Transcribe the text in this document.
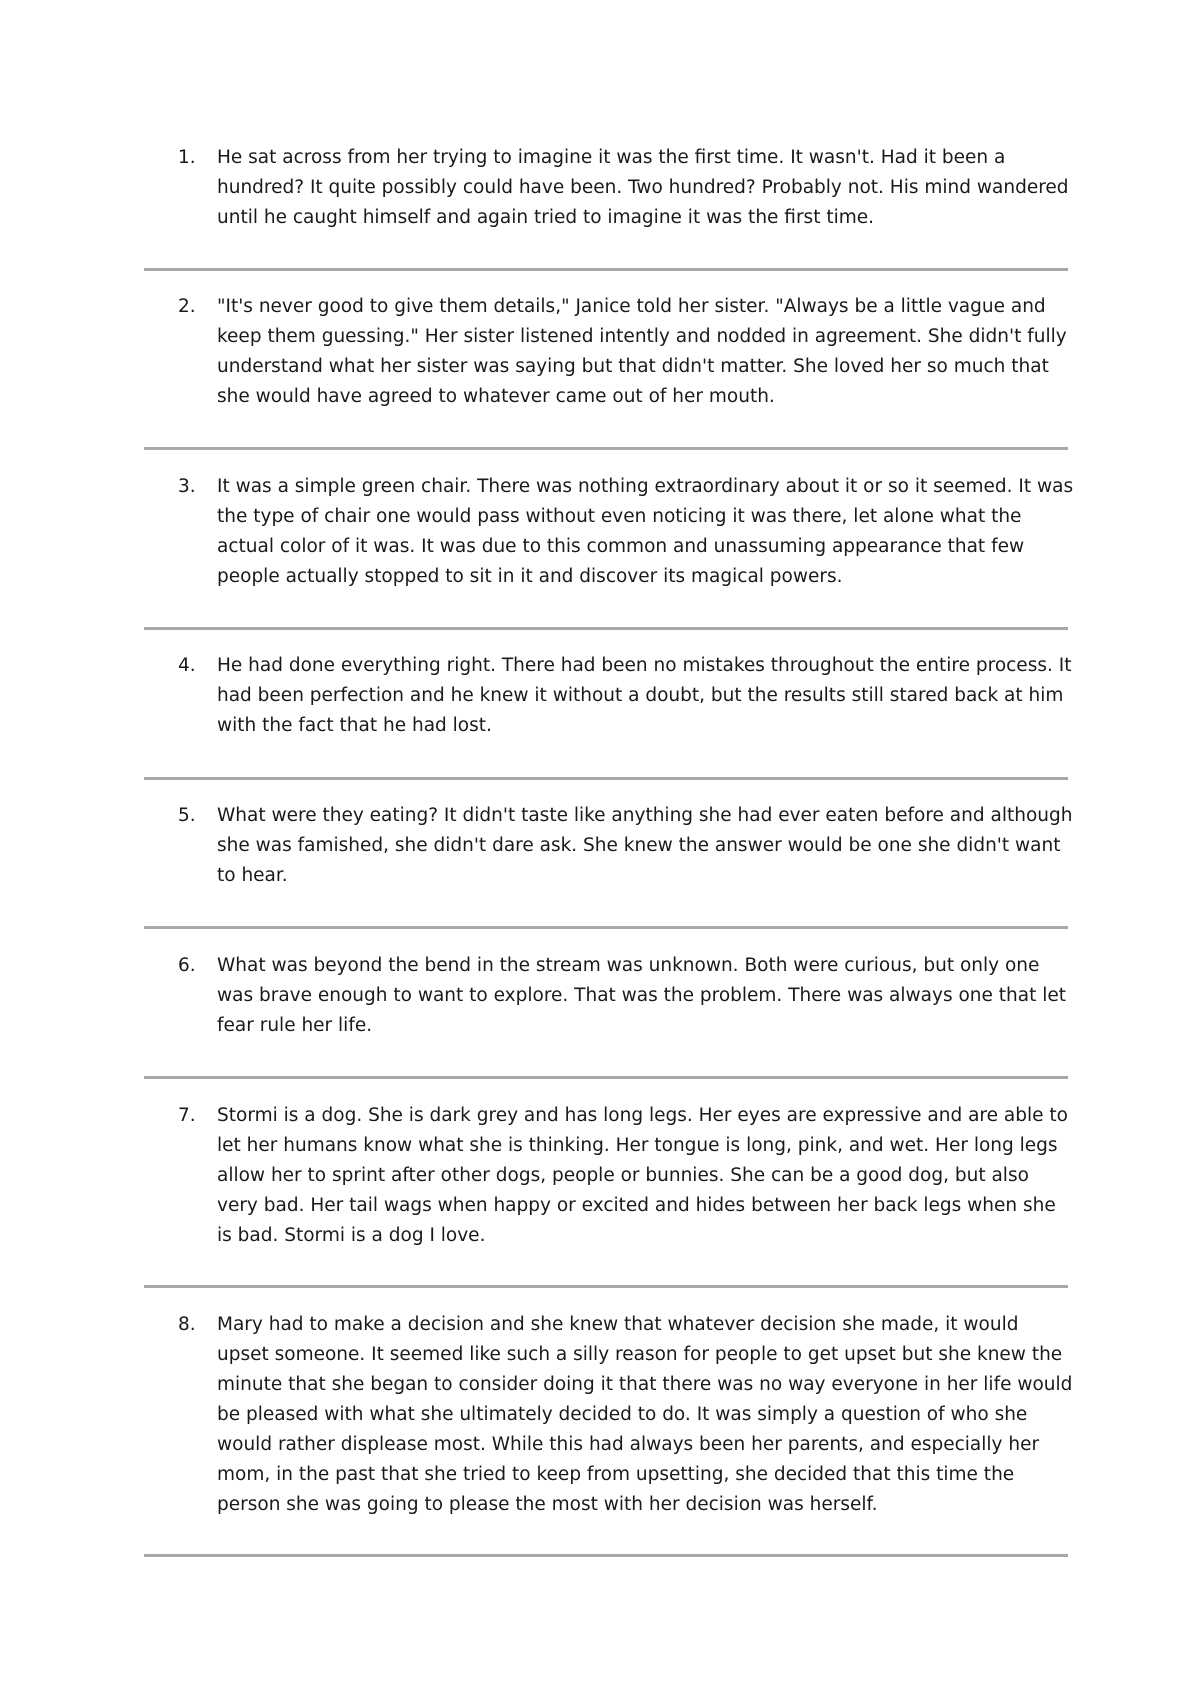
1.	He sat across from her trying to imagine it was the first time. It wasn't. Had it been a hundred? It quite possibly could have been. Two hundred? Probably not. His mind wandered until he caught himself and again tried to imagine it was the first time.

2.	"It's never good to give them details," Janice told her sister. "Always be a little vague and keep them guessing." Her sister listened intently and nodded in agreement. She didn't fully understand what her sister was saying but that didn't matter. She loved her so much that she would have agreed to whatever came out of her mouth.

3.	It was a simple green chair. There was nothing extraordinary about it or so it seemed. It was the type of chair one would pass without even noticing it was there, let alone what the actual color of it was. It was due to this common and unassuming appearance that few people actually stopped to sit in it and discover its magical powers.

4.	He had done everything right. There had been no mistakes throughout the entire process. It had been perfection and he knew it without a doubt, but the results still stared back at him with the fact that he had lost.

5.	What were they eating? It didn't taste like anything she had ever eaten before and although she was famished, she didn't dare ask. She knew the answer would be one she didn't want to hear.

6.	What was beyond the bend in the stream was unknown. Both were curious, but only one was brave enough to want to explore. That was the problem. There was always one that let fear rule her life.

7.	Stormi is a dog. She is dark grey and has long legs. Her eyes are expressive and are able to let her humans know what she is thinking. Her tongue is long, pink, and wet. Her long legs allow her to sprint after other dogs, people or bunnies. She can be a good dog, but also very bad. Her tail wags when happy or excited and hides between her back legs when she is bad. Stormi is a dog I love.

8.	Mary had to make a decision and she knew that whatever decision she made, it would upset someone. It seemed like such a silly reason for people to get upset but she knew the minute that she began to consider doing it that there was no way everyone in her life would be pleased with what she ultimately decided to do. It was simply a question of who she would rather displease most. While this had always been her parents, and especially her mom, in the past that she tried to keep from upsetting, she decided that this time the person she was going to please the most with her decision was herself.
